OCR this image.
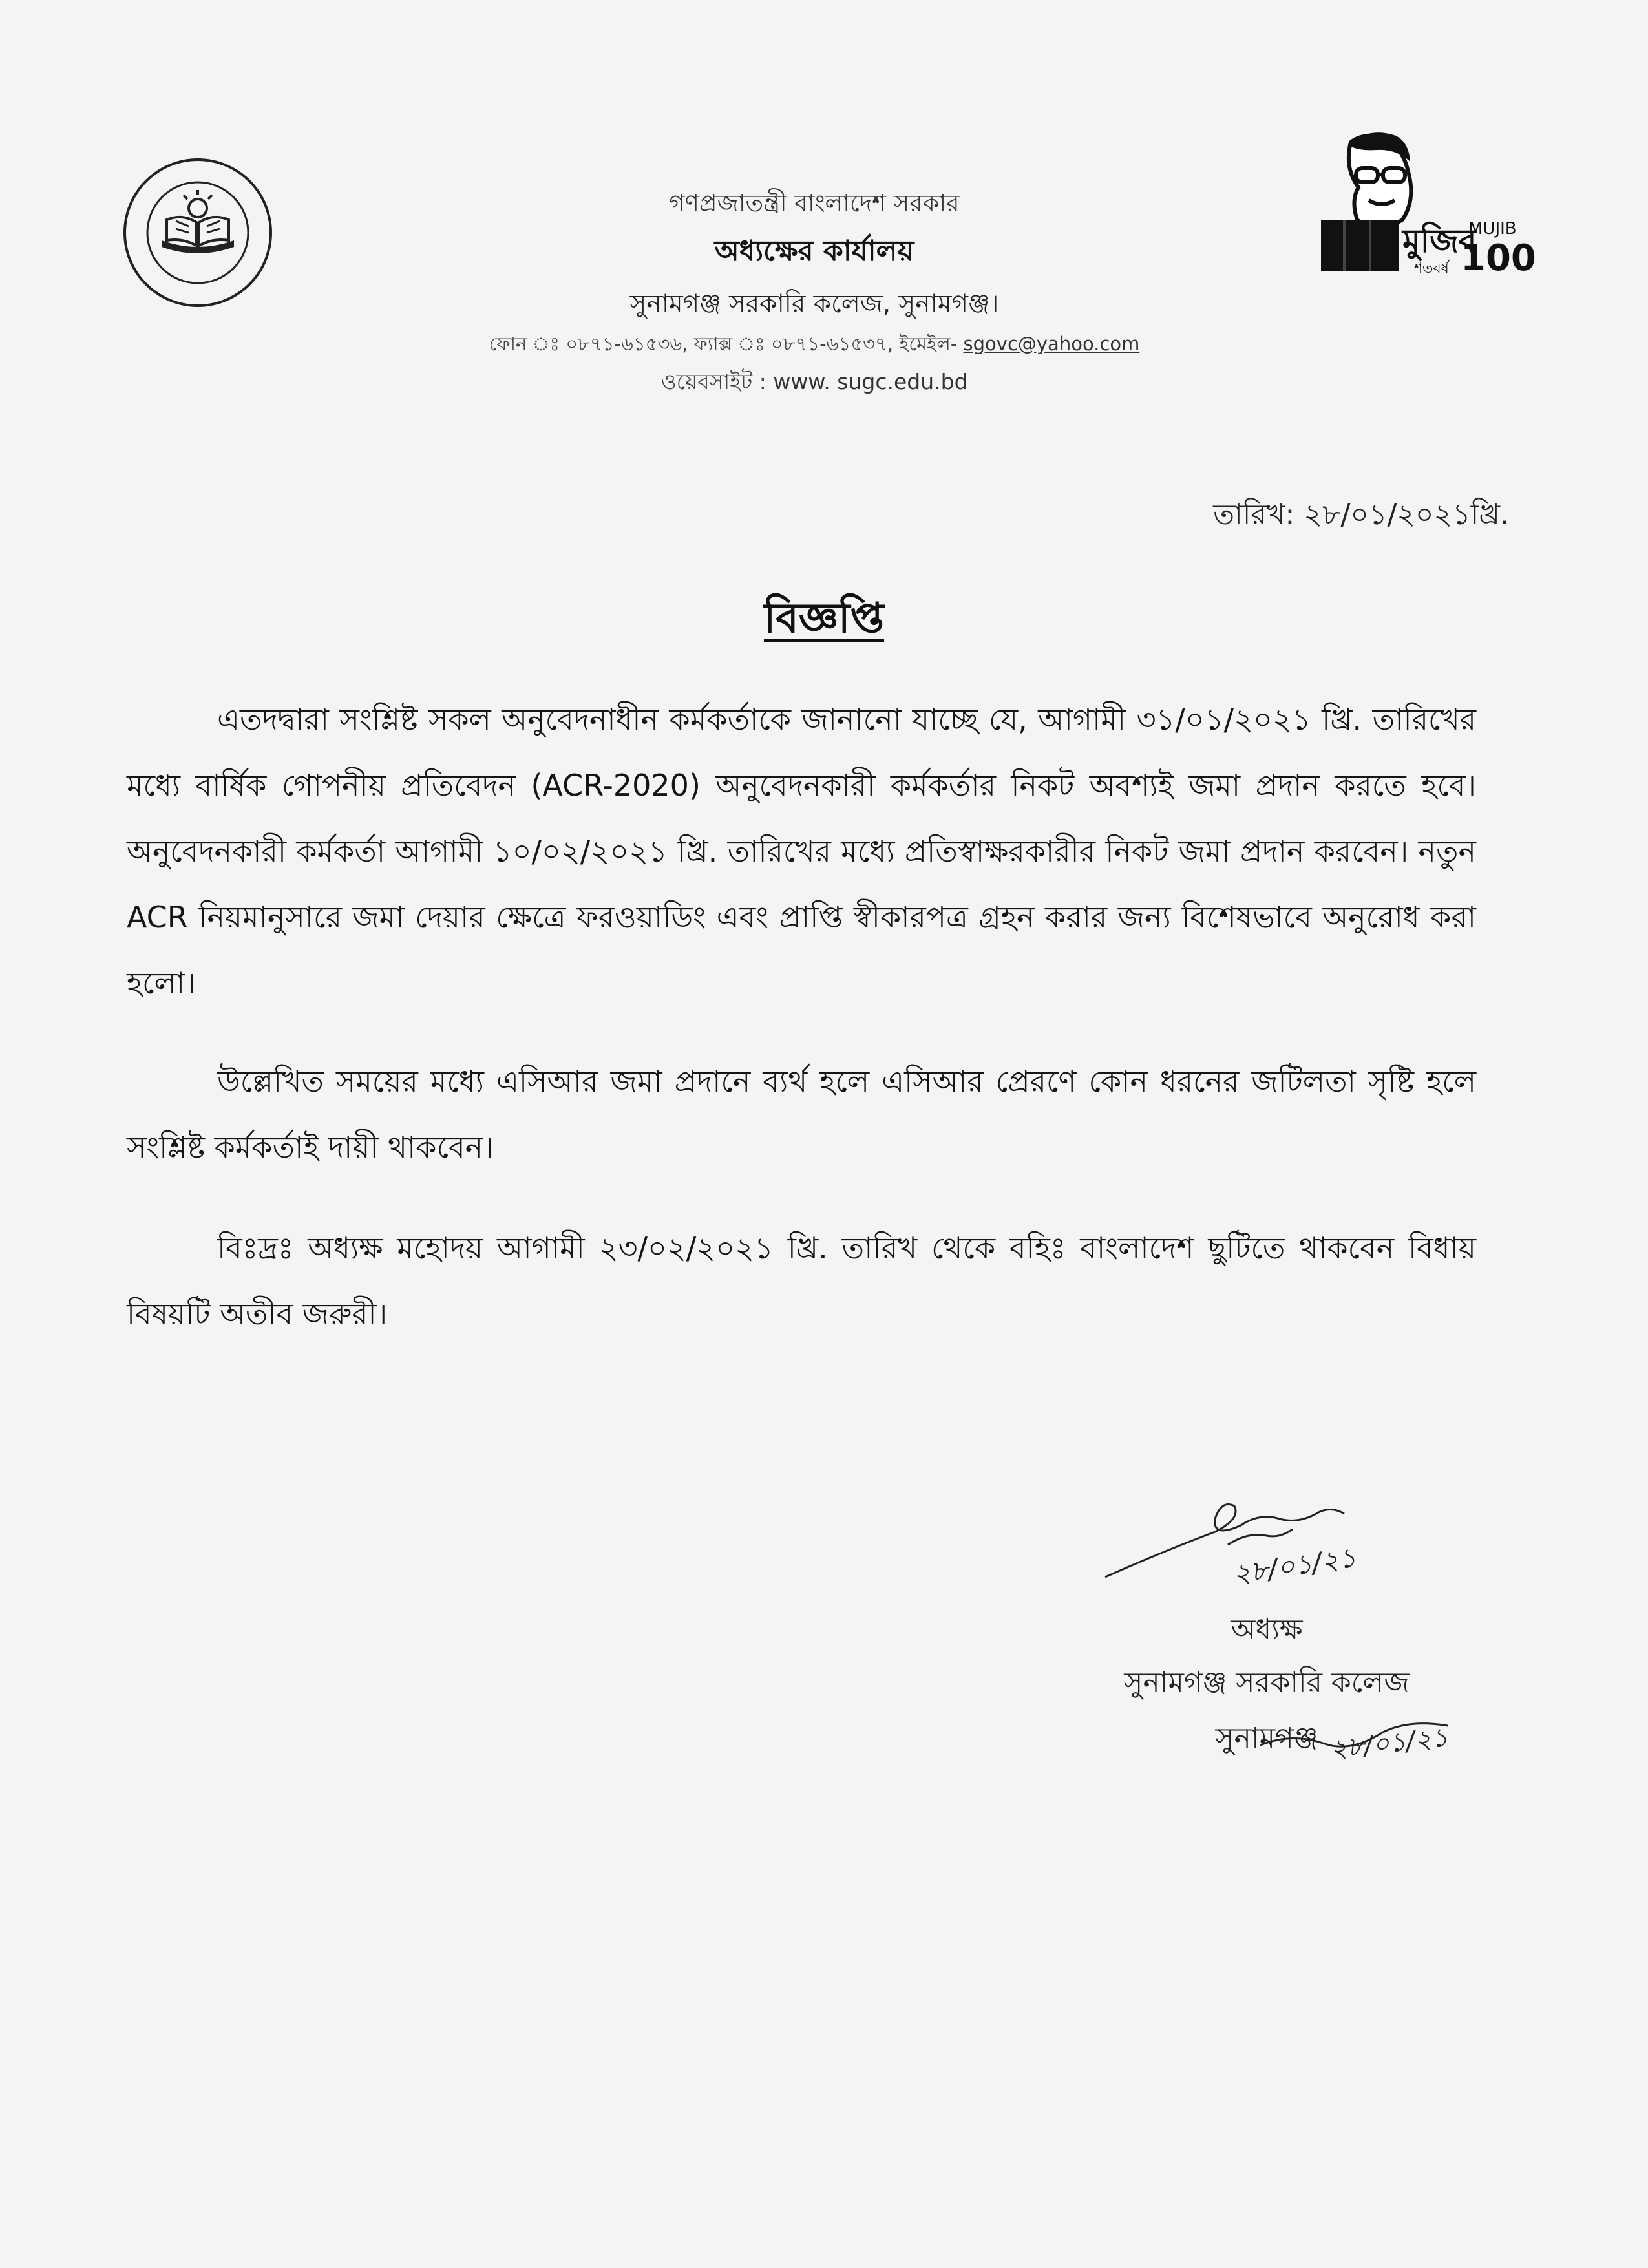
মুজিব
শতবর্ষ
MUJIB
100
গণপ্রজাতন্ত্রী বাংলাদেশ সরকার
অধ্যক্ষের কার্যালয়
সুনামগঞ্জ সরকারি কলেজ, সুনামগঞ্জ।
ফোন ঃ ০৮৭১-৬১৫৩৬, ফ্যাক্স ঃ ০৮৭১-৬১৫৩৭, ইমেইল- sgovc@yahoo.com
ওয়েবসাইট : www. sugc.edu.bd
তারিখ: ২৮/০১/২০২১খ্রি.
বিজ্ঞপ্তি
এতদদ্বারা সংশ্লিষ্ট সকল অনুবেদনাধীন কর্মকর্তাকে জানানো যাচ্ছে যে, আগামী ৩১/০১/২০২১ খ্রি. তারিখের মধ্যে বার্ষিক গোপনীয় প্রতিবেদন (ACR-2020) অনুবেদনকারী কর্মকর্তার নিকট অবশ্যই জমা প্রদান করতে হবে। অনুবেদনকারী কর্মকর্তা আগামী ১০/০২/২০২১ খ্রি. তারিখের মধ্যে প্রতিস্বাক্ষরকারীর নিকট জমা প্রদান করবেন। নতুন ACR নিয়মানুসারে জমা দেয়ার ক্ষেত্রে ফরওয়াডিং এবং প্রাপ্তি স্বীকারপত্র গ্রহন করার জন্য বিশেষভাবে অনুরোধ করা হলো।
উল্লেখিত সময়ের মধ্যে এসিআর জমা প্রদানে ব্যর্থ হলে এসিআর প্রেরণে কোন ধরনের জটিলতা সৃষ্টি হলে সংশ্লিষ্ট কর্মকর্তাই দায়ী থাকবেন।
বিঃদ্রঃ অধ্যক্ষ মহোদয় আগামী ২৩/০২/২০২১ খ্রি. তারিখ থেকে বহিঃ বাংলাদেশ ছুটিতে থাকবেন বিধায় বিষয়টি অতীব জরুরী।
২৮/০১/২১
অধ্যক্ষ
সুনামগঞ্জ সরকারি কলেজ
সুনামগঞ্জ ২৮/০১/২১
